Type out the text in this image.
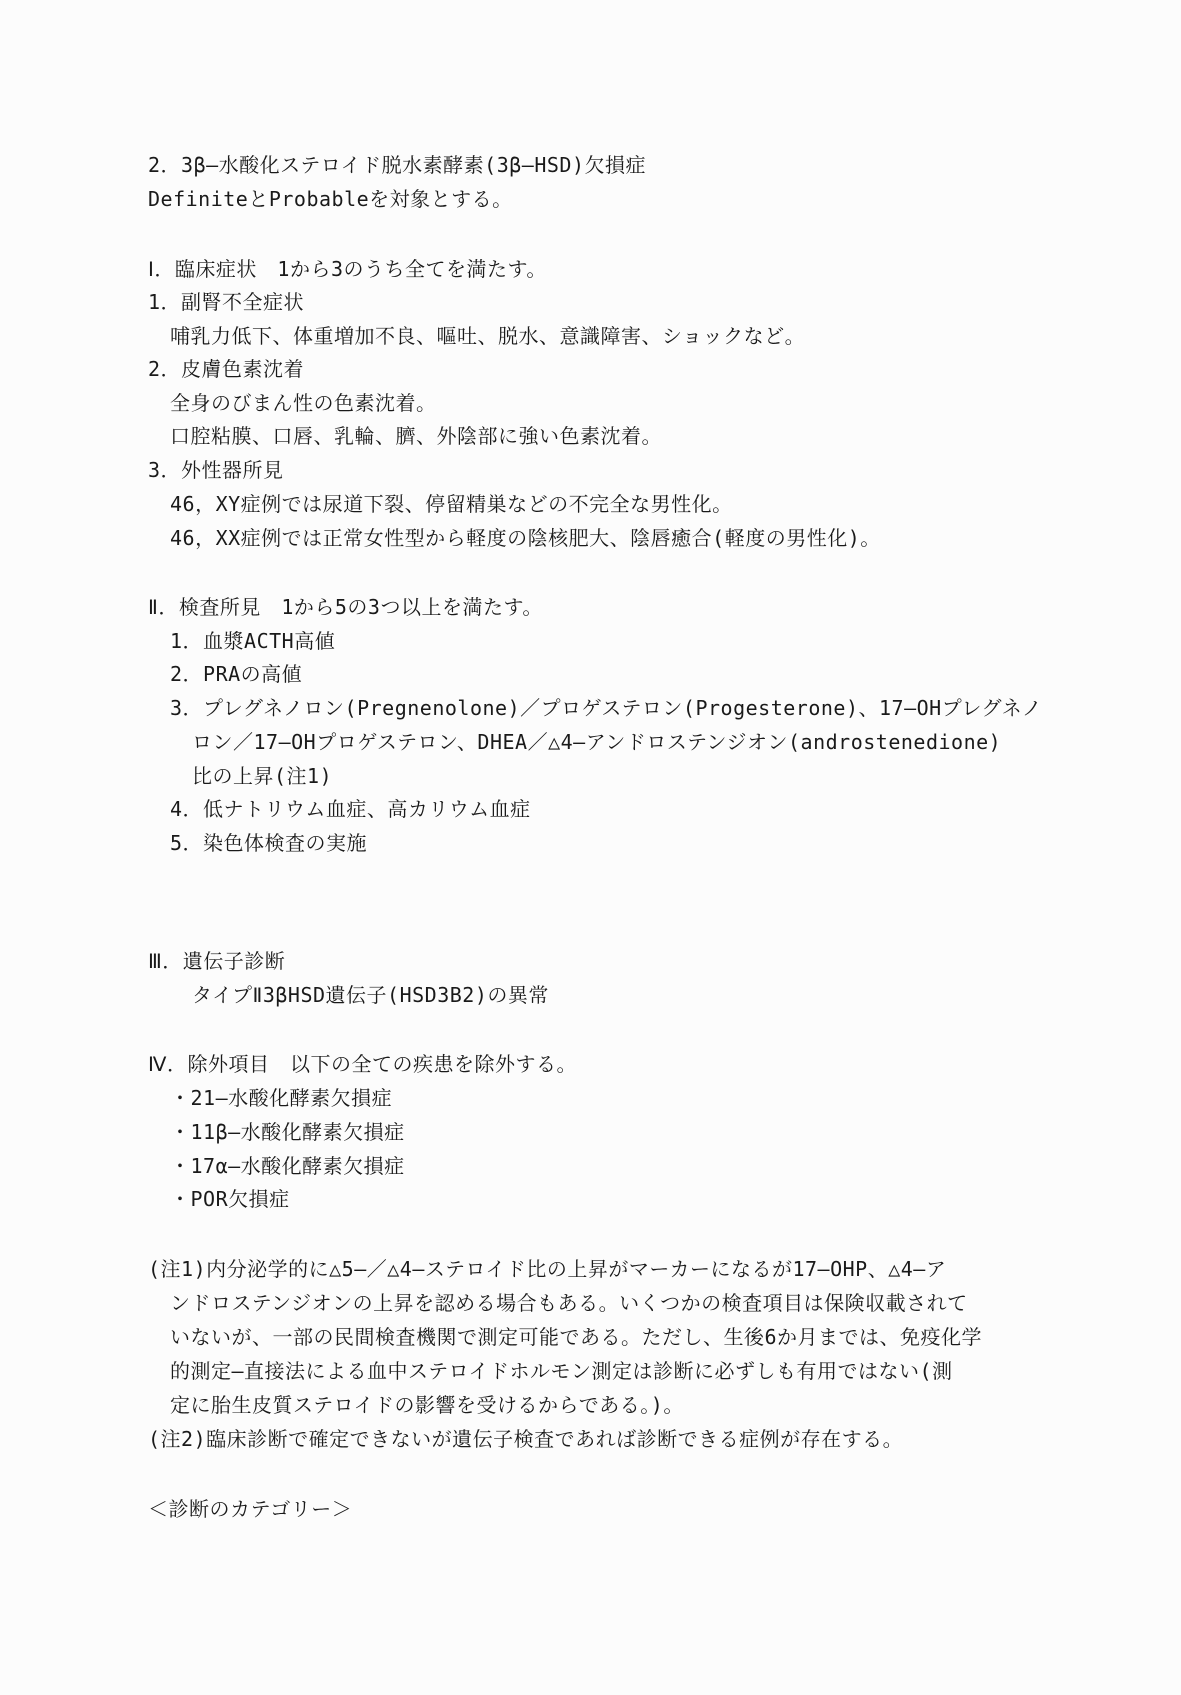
2．3β―水酸化ステロイド脱水素酵素(3β―HSD)欠損症
DefiniteとProbableを対象とする。
Ⅰ．臨床症状　1から3のうち全てを満たす。
1．副腎不全症状
哺乳力低下、体重増加不良、嘔吐、脱水、意識障害、ショックなど。
2．皮膚色素沈着
全身のびまん性の色素沈着。
口腔粘膜、口唇、乳輪、臍、外陰部に強い色素沈着。
3．外性器所見
46，XY症例では尿道下裂、停留精巣などの不完全な男性化。
46，XX症例では正常女性型から軽度の陰核肥大、陰唇癒合(軽度の男性化)。
Ⅱ．検査所見　1から5の3つ以上を満たす。
1．血漿ACTH高値
2．PRAの高値
3．プレグネノロン(Pregnenolone)／プロゲステロン(Progesterone)、17―OHプレグネノ
ロン／17―OHプロゲステロン、DHEA／△4―アンドロステンジオン(androstenedione)
比の上昇(注1)
4．低ナトリウム血症、高カリウム血症
5．染色体検査の実施
Ⅲ．遺伝子診断
タイプⅡ3βHSD遺伝子(HSD3B2)の異常
Ⅳ．除外項目　以下の全ての疾患を除外する。
・21―水酸化酵素欠損症
・11β―水酸化酵素欠損症
・17α―水酸化酵素欠損症
・POR欠損症
(注1)内分泌学的に△5―／△4―ステロイド比の上昇がマーカーになるが17―OHP、△4―ア
ンドロステンジオンの上昇を認める場合もある。いくつかの検査項目は保険収載されて
いないが、一部の民間検査機関で測定可能である。ただし、生後6か月までは、免疫化学
的測定―直接法による血中ステロイドホルモン測定は診断に必ずしも有用ではない(測
定に胎生皮質ステロイドの影響を受けるからである。)。
(注2)臨床診断で確定できないが遺伝子検査であれば診断できる症例が存在する。
＜診断のカテゴリー＞
